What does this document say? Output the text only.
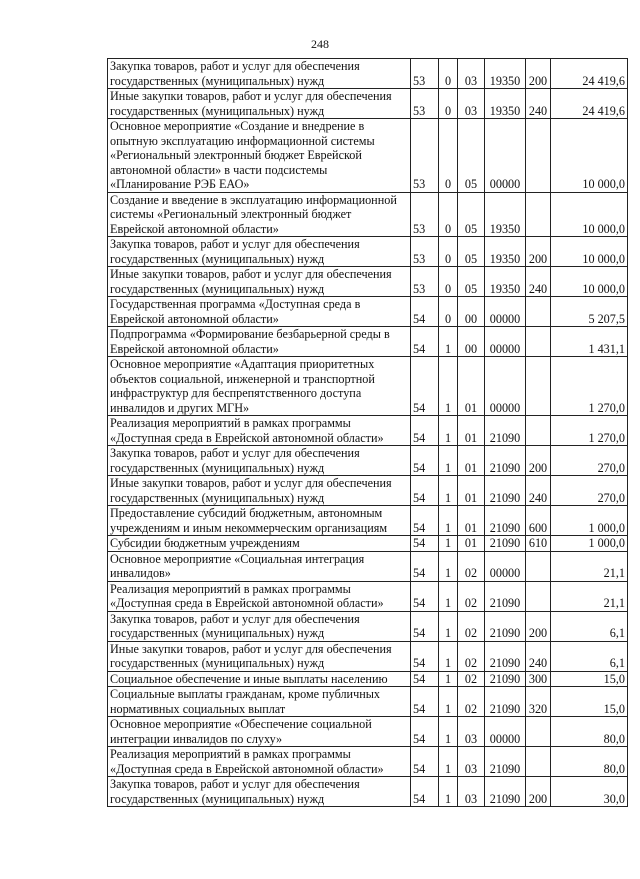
248
Закупка товаров, работ и услуг для обеспечения
государственных (муниципальных) нужд	53	0	03	19350	200	24 419,6
Иные закупки товаров, работ и услуг для обеспечения
государственных (муниципальных) нужд	53	0	03	19350	240	24 419,6
Основное мероприятие «Создание и внедрение в
опытную эксплуатацию информационной системы
«Региональный электронный бюджет Еврейской
автономной области» в части подсистемы
«Планирование РЭБ ЕАО»	53	0	05	00000		10 000,0
Создание и введение в эксплуатацию информационной
системы «Региональный электронный бюджет
Еврейской автономной области»	53	0	05	19350		10 000,0
Закупка товаров, работ и услуг для обеспечения
государственных (муниципальных) нужд	53	0	05	19350	200	10 000,0
Иные закупки товаров, работ и услуг для обеспечения
государственных (муниципальных) нужд	53	0	05	19350	240	10 000,0
Государственная программа «Доступная среда в
Еврейской автономной области»	54	0	00	00000		5 207,5
Подпрограмма «Формирование безбарьерной среды в
Еврейской автономной области»	54	1	00	00000		1 431,1
Основное мероприятие «Адаптация приоритетных
объектов социальной, инженерной и транспортной
инфраструктур для беспрепятственного доступа
инвалидов и других МГН»	54	1	01	00000		1 270,0
Реализация мероприятий в рамках программы
«Доступная среда в Еврейской автономной области»	54	1	01	21090		1 270,0
Закупка товаров, работ и услуг для обеспечения
государственных (муниципальных) нужд	54	1	01	21090	200	270,0
Иные закупки товаров, работ и услуг для обеспечения
государственных (муниципальных) нужд	54	1	01	21090	240	270,0
Предоставление субсидий бюджетным, автономным
учреждениям и иным некоммерческим организациям	54	1	01	21090	600	1 000,0
Субсидии бюджетным учреждениям	54	1	01	21090	610	1 000,0
Основное мероприятие «Социальная интеграция
инвалидов»	54	1	02	00000		21,1
Реализация мероприятий в рамках программы
«Доступная среда в Еврейской автономной области»	54	1	02	21090		21,1
Закупка товаров, работ и услуг для обеспечения
государственных (муниципальных) нужд	54	1	02	21090	200	6,1
Иные закупки товаров, работ и услуг для обеспечения
государственных (муниципальных) нужд	54	1	02	21090	240	6,1
Социальное обеспечение и иные выплаты населению	54	1	02	21090	300	15,0
Социальные выплаты гражданам, кроме публичных
нормативных социальных выплат	54	1	02	21090	320	15,0
Основное мероприятие «Обеспечение социальной
интеграции инвалидов по слуху»	54	1	03	00000		80,0
Реализация мероприятий в рамках программы
«Доступная среда в Еврейской автономной области»	54	1	03	21090		80,0
Закупка товаров, работ и услуг для обеспечения
государственных (муниципальных) нужд	54	1	03	21090	200	30,0
